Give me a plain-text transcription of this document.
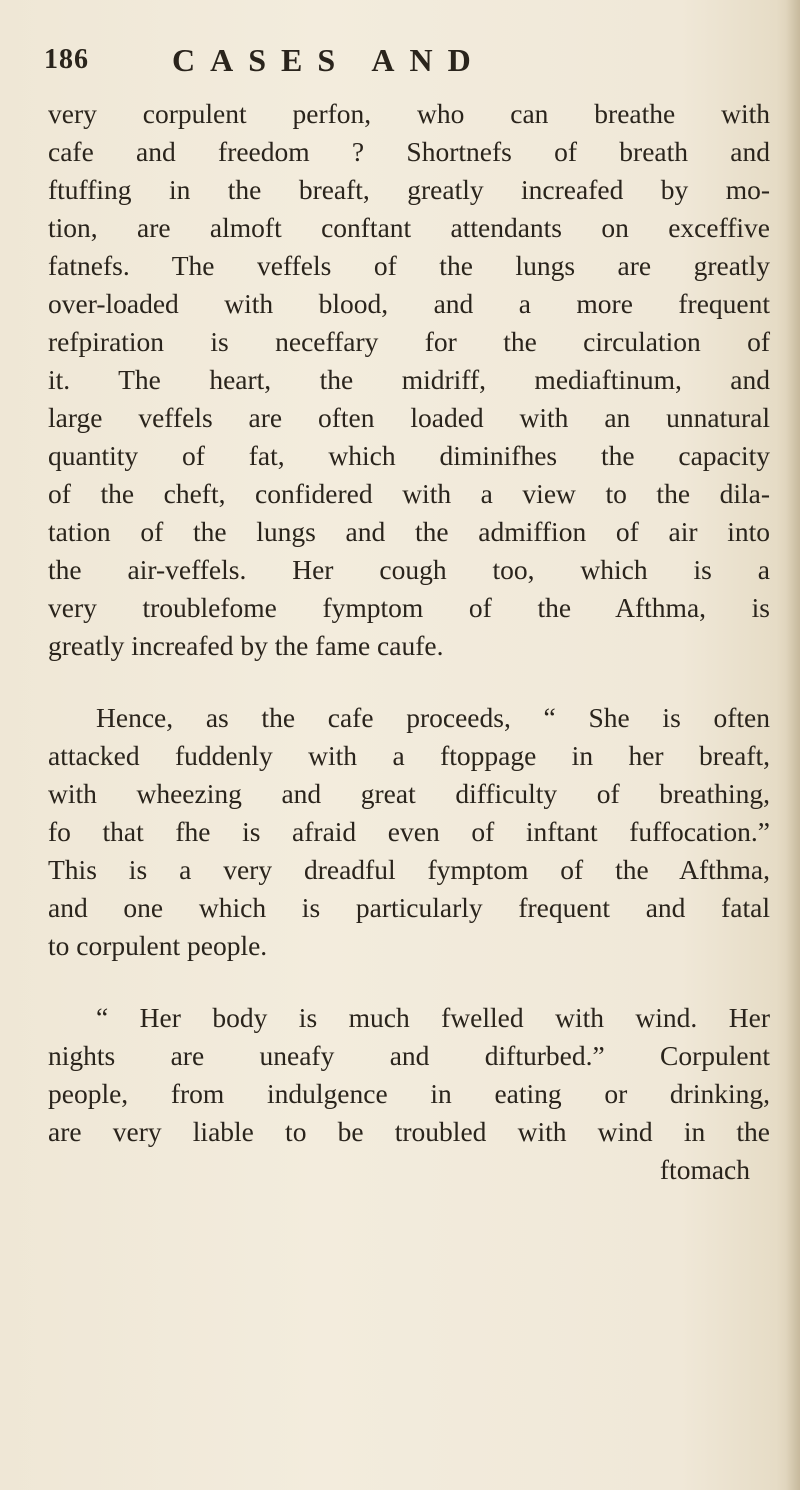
186	CASES AND
very corpulent perfon, who can breathe with
cafe and freedom ? Shortnefs of breath and
ftuffing in the breaft, greatly increafed by mo-
tion, are almoft conftant attendants on exceffive
fatnefs. The veffels of the lungs are greatly
over-loaded with blood, and a more frequent
refpiration is neceffary for the circulation of
it. The heart, the midriff, mediaftinum, and
large veffels are often loaded with an unnatural
quantity of fat, which diminifhes the capacity
of the cheft, confidered with a view to the dila-
tation of the lungs and the admiffion of air into
the air-veffels. Her cough too, which is a
very troublefome fymptom of the Afthma, is
greatly increafed by the fame caufe.
Hence, as the cafe proceeds, “ She is often
attacked fuddenly with a ftoppage in her breaft,
with wheezing and great difficulty of breathing,
fo that fhe is afraid even of inftant fuffocation.”
This is a very dreadful fymptom of the Afthma,
and one which is particularly frequent and fatal
to corpulent people.
“ Her body is much fwelled with wind. Her
nights are uneafy and difturbed.” Corpulent
people, from indulgence in eating or drinking,
are very liable to be troubled with wind in the
ftomach
